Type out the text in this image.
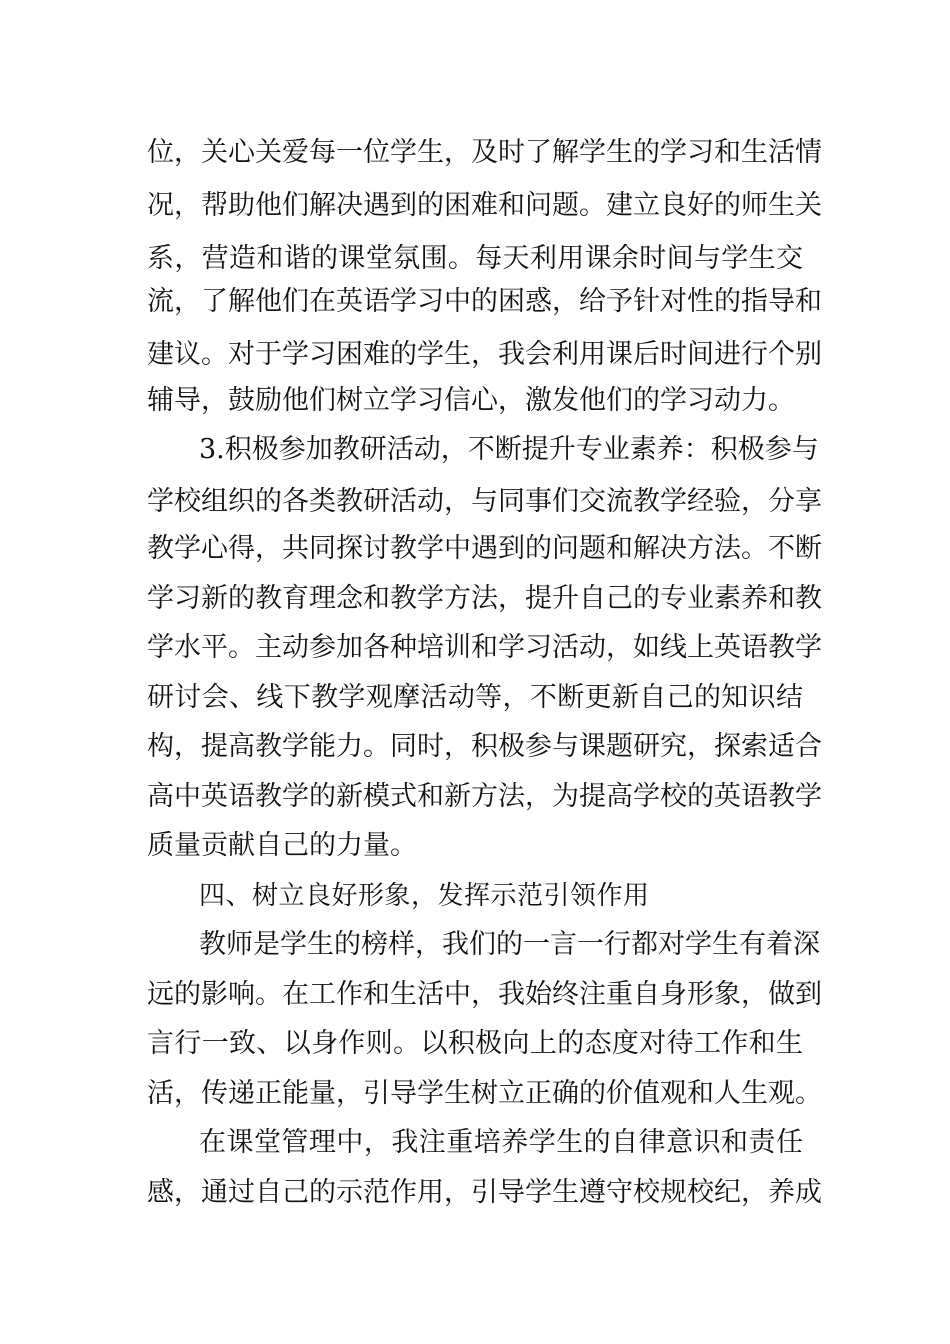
位，关心关爱每一位学生，及时了解学生的学习和生活情
况，帮助他们解决遇到的困难和问题。建立良好的师生关
系，营造和谐的课堂氛围。每天利用课余时间与学生交
流，了解他们在英语学习中的困惑，给予针对性的指导和
建议。对于学习困难的学生，我会利用课后时间进行个别
辅导，鼓励他们树立学习信心，激发他们的学习动力。
3.积极参加教研活动，不断提升专业素养：积极参与
学校组织的各类教研活动，与同事们交流教学经验，分享
教学心得，共同探讨教学中遇到的问题和解决方法。不断
学习新的教育理念和教学方法，提升自己的专业素养和教
学水平。主动参加各种培训和学习活动，如线上英语教学
研讨会、线下教学观摩活动等，不断更新自己的知识结
构，提高教学能力。同时，积极参与课题研究，探索适合
高中英语教学的新模式和新方法，为提高学校的英语教学
质量贡献自己的力量。
四、树立良好形象，发挥示范引领作用
教师是学生的榜样，我们的一言一行都对学生有着深
远的影响。在工作和生活中，我始终注重自身形象，做到
言行一致、以身作则。以积极向上的态度对待工作和生
活，传递正能量，引导学生树立正确的价值观和人生观。
在课堂管理中，我注重培养学生的自律意识和责任
感，通过自己的示范作用，引导学生遵守校规校纪，养成
